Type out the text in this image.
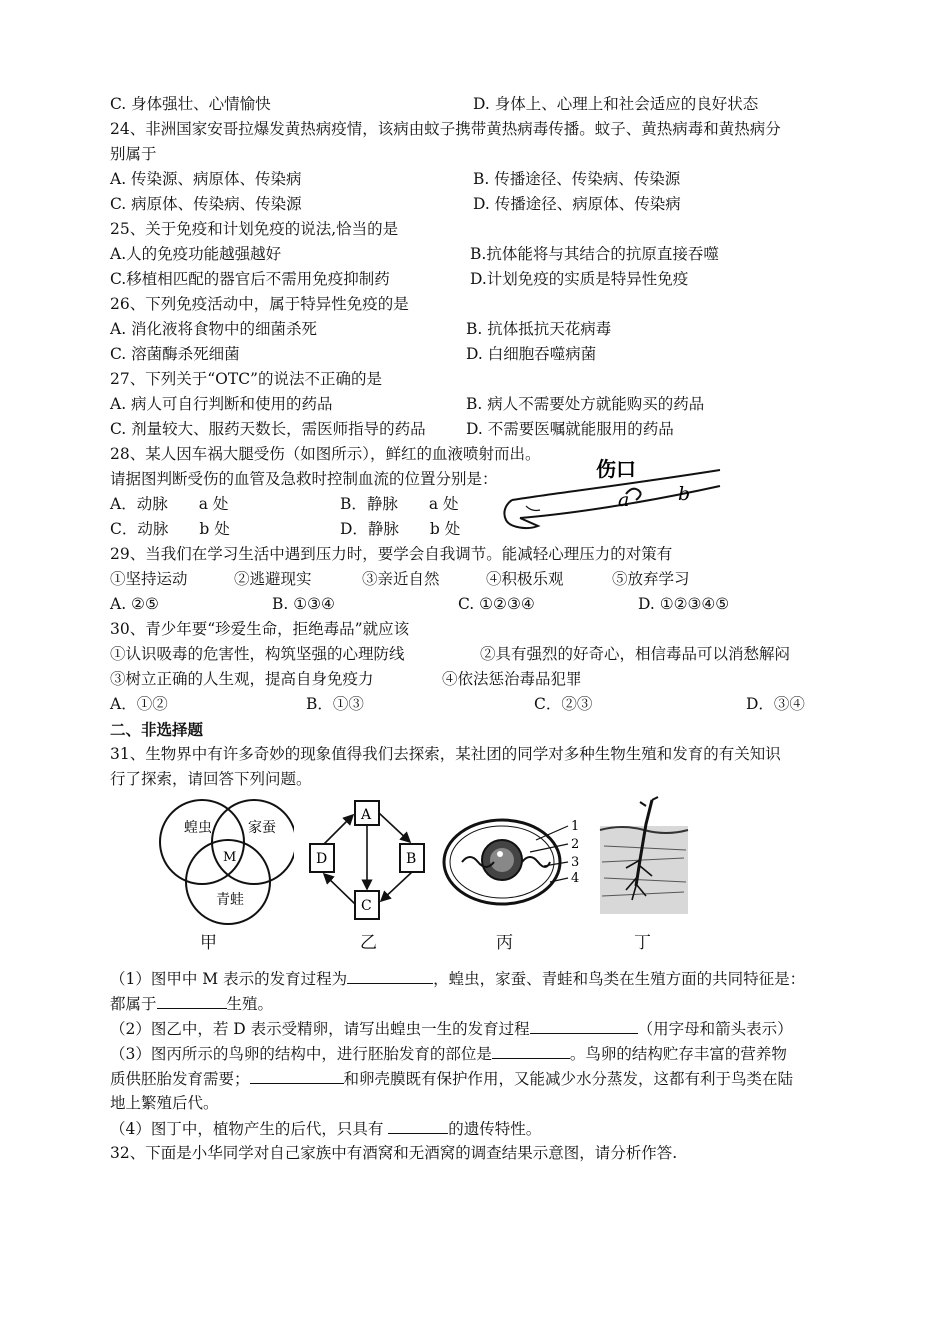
C. 身体强壮、心情愉快	D. 身体上、心理上和社会适应的良好状态
24、非洲国家安哥拉爆发黄热病疫情，该病由蚊子携带黄热病毒传播。蚊子、黄热病毒和黄热病分
别属于
A. 传染源、病原体、传染病	B. 传播途径、传染病、传染源
C. 病原体、传染病、传染源	D. 传播途径、病原体、传染病
25、关于免疫和计划免疫的说法,恰当的是
A.人的免疫功能越强越好	B.抗体能将与其结合的抗原直接吞噬
C.移植相匹配的器官后不需用免疫抑制药	D.计划免疫的实质是特异性免疫
26、下列免疫活动中，属于特异性免疫的是
A. 消化液将食物中的细菌杀死	B. 抗体抵抗天花病毒
C. 溶菌酶杀死细菌	D. 白细胞吞噬病菌
27、下列关于“OTC”的说法不正确的是
A. 病人可自行判断和使用的药品	B. 病人不需要处方就能购买的药品
C. 剂量较大、服药天数长，需医师指导的药品	D. 不需要医嘱就能服用的药品
28、某人因车祸大腿受伤（如图所示），鲜红的血液喷射而出。
请据图判断受伤的血管及急救时控制血流的位置分别是：
A．动脉　　a 处	B．静脉　　a 处
C．动脉　　b 处	D．静脉　　b 处
29、当我们在学习生活中遇到压力时，要学会自我调节。能减轻心理压力的对策有
①坚持运动	②逃避现实	③亲近自然	④积极乐观	⑤放弃学习
A. ②⑤	B. ①③④	C. ①②③④	D. ①②③④⑤
30、青少年要“珍爱生命，拒绝毒品”就应该
①认识吸毒的危害性，构筑坚强的心理防线	②具有强烈的好奇心，相信毒品可以消愁解闷
③树立正确的人生观，提高自身免疫力	④依法惩治毒品犯罪
A．①②	B．①③	C．②③	D．③④
二、非选择题
31、生物界中有许多奇妙的现象值得我们去探索，某社团的同学对多种生物生殖和发育的有关知识
行了探索，请回答下列问题。
蝗虫	家蚕
青蛙
M
甲
A
B
C
D
乙
1
2
3
4
丙	丁
（1）图甲中 M 表示的发育过程为	，蝗虫，家蚕、青蛙和鸟类在生殖方面的共同特征是：
都属于	生殖。
（2）图乙中，若 D 表示受精卵，请写出蝗虫一生的发育过程	（用字母和箭头表示）
（3）图丙所示的鸟卵的结构中，进行胚胎发育的部位是	。鸟卵的结构贮存丰富的营养物
质供胚胎发育需要；	和卵壳膜既有保护作用，又能减少水分蒸发，这都有利于鸟类在陆
地上繁殖后代。
（4）图丁中，植物产生的后代，只具有	的遗传特性。
32、下面是小华同学对自己家族中有酒窝和无酒窝的调查结果示意图，请分析作答.
伤口
a	b
